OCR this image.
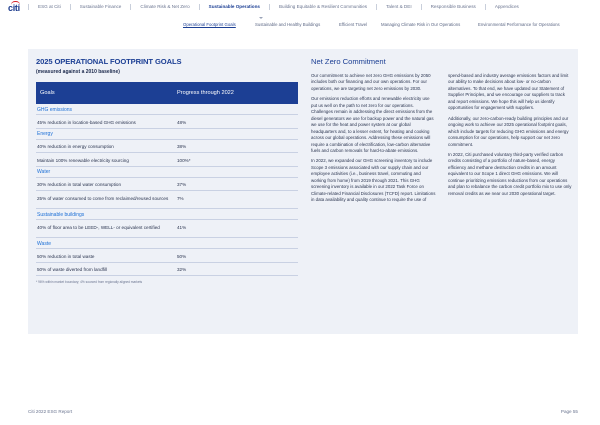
citi	ESG at Citi	Sustainable Finance	Climate Risk & Net Zero	Sustainable Operations	Building Equitable & Resilient Communities	Talent & DEI	Responsible Business	Appendices
Operational Footprint Goals	Sustainable and Healthy Buildings	Efficient Travel	Managing Climate Risk in Our Operations	Environmental Performance for Operations
2025 OPERATIONAL FOOTPRINT GOALS
(measured against a 2010 baseline)
Goals	Progress through 2022
GHG emissions
45% reduction in location-based GHG emissions	48%
Energy
40% reduction in energy consumption	38%
Maintain 100% renewable electricity sourcing	100%*
Water
30% reduction in total water consumption	37%
25% of water consumed to come from reclaimed/reused sources	7%
Sustainable buildings
40% of floor area to be LEED-, WELL- or equivalent certified	41%
Waste
50% reduction in total waste	50%
50% of waste diverted from landfill	32%
* 96% within market boundary; 4% sourced from regionally aligned markets
Net Zero Commitment

Our commitment to achieve net zero GHG emissions by 2050 includes both our financing and our own operations. For our operations, we are targeting net zero emissions by 2030.

Our emissions reduction efforts and renewable electricity use put us well on the path to net zero for our operations. Challenges remain in addressing the direct emissions from the diesel generators we use for backup power and the natural gas we use for the heat and power system at our global headquarters and, to a lesser extent, for heating and cooking across our global operations. Addressing these emissions will require a combination of electrification, low-carbon alternative fuels and carbon removals for hard-to-abate emissions.

In 2022, we expanded our GHG screening inventory to include Scope 3 emissions associated with our supply chain and our employee activities (i.e., business travel, commuting and working from home) from 2019 through 2021. This GHG screening inventory is available in our 2022 Task Force on Climate-related Financial Disclosures (TCFD) report. Limitations in data availability and quality continue to require the use of

spend-based and industry average emissions factors and limit our ability to make decisions about low- or no-carbon alternatives. To that end, we have updated our Statement of Supplier Principles, and we encourage our suppliers to track and report emissions. We hope this will help us identify opportunities for engagement with suppliers.

Additionally, our zero-carbon-ready building principles and our ongoing work to achieve our 2025 operational footprint goals, which include targets for reducing GHG emissions and energy consumption for our operations, help support our net zero commitment.

In 2022, Citi purchased voluntary third-party verified carbon credits consisting of a portfolio of nature-based, energy efficiency and methane destruction credits in an amount equivalent to our Scope 1 direct GHG emissions. We will continue prioritizing emissions reductions from our operations and plan to rebalance the carbon credit portfolio mix to use only removal credits as we near our 2030 operational target.

Citi 2022 ESG Report	Page 55
